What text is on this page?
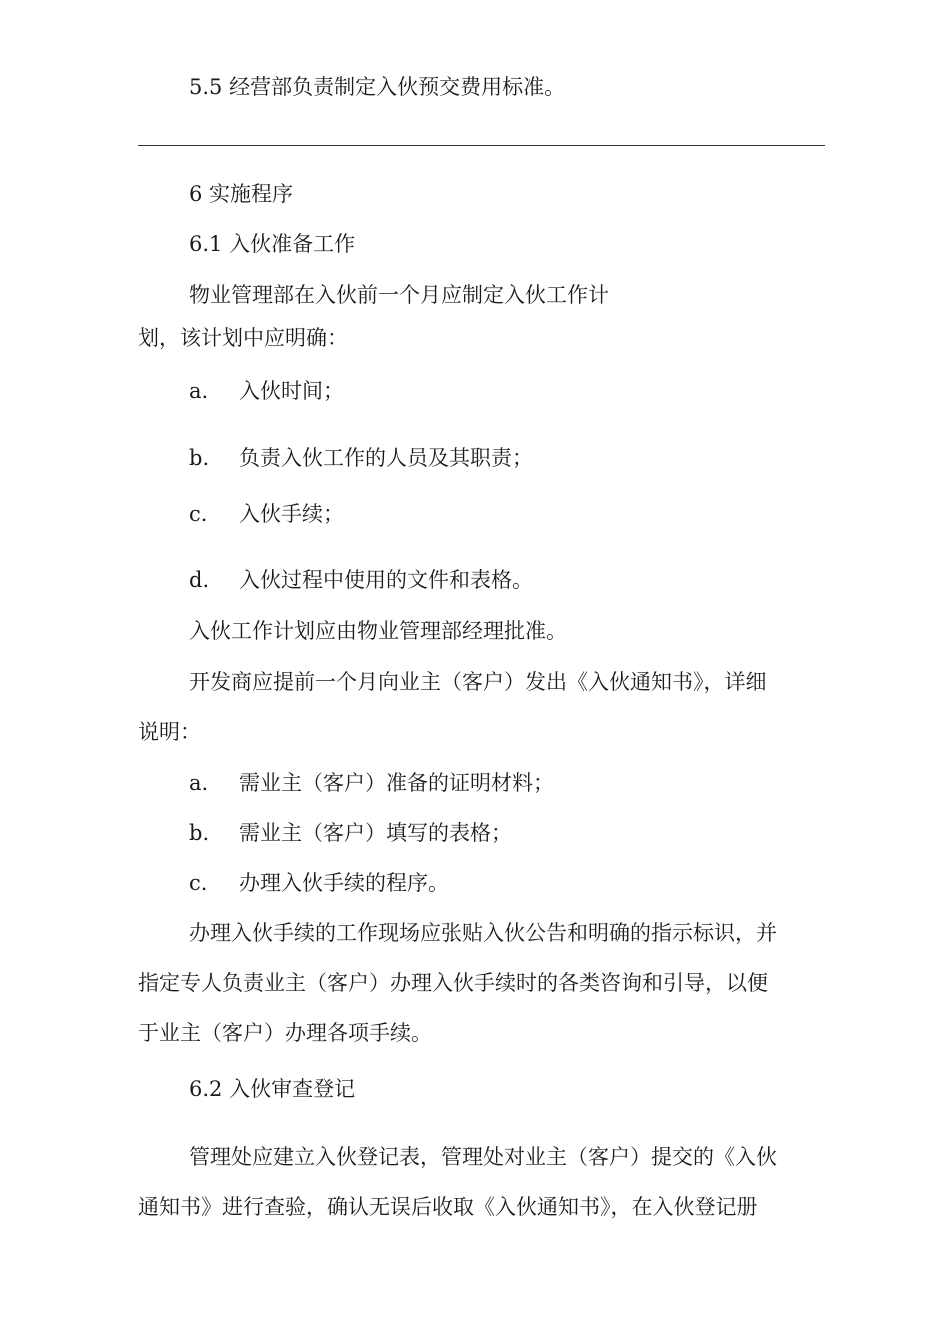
5.5 经营部负责制定入伙预交费用标准。
6 实施程序
6.1 入伙准备工作
物业管理部在入伙前一个月应制定入伙工作计
划，该计划中应明确：
a. 入伙时间；
b. 负责入伙工作的人员及其职责；
c. 入伙手续；
d. 入伙过程中使用的文件和表格。
入伙工作计划应由物业管理部经理批准。
开发商应提前一个月向业主（客户）发出《入伙通知书》，详细
说明：
a. 需业主（客户）准备的证明材料；
b. 需业主（客户）填写的表格；
c. 办理入伙手续的程序。
办理入伙手续的工作现场应张贴入伙公告和明确的指示标识，并
指定专人负责业主（客户）办理入伙手续时的各类咨询和引导，以便
于业主（客户）办理各项手续。
6.2 入伙审查登记
管理处应建立入伙登记表，管理处对业主（客户）提交的《入伙
通知书》进行查验，确认无误后收取《入伙通知书》，在入伙登记册
